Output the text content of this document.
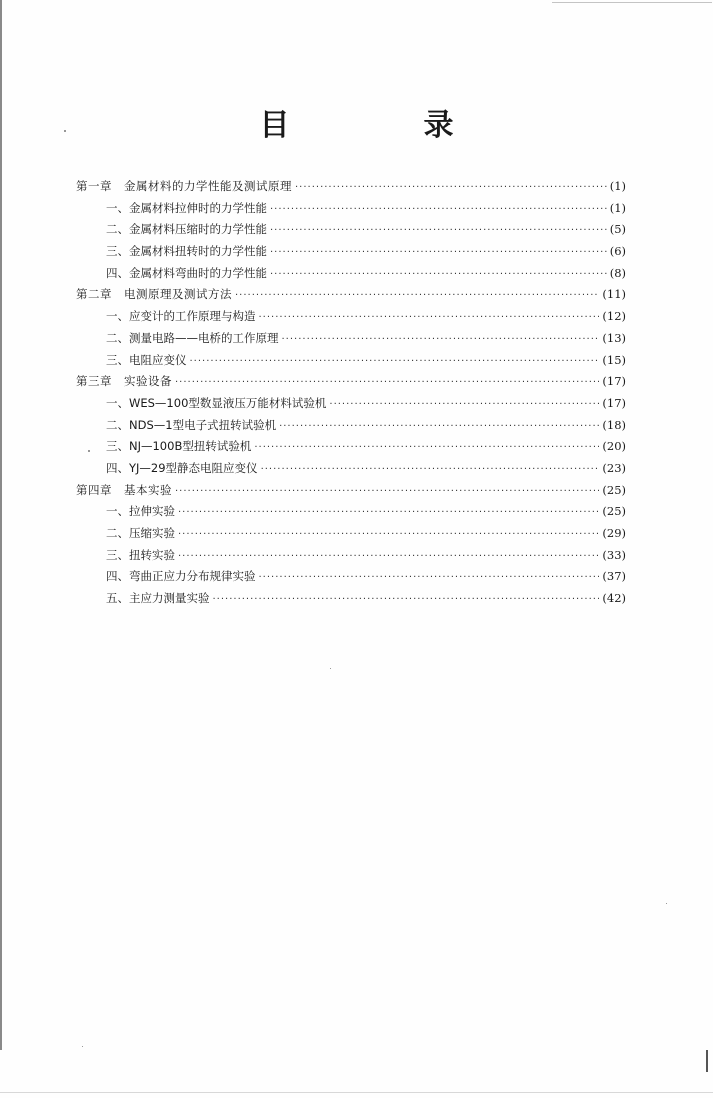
目　录
第一章　金属材料的力学性能及测试原理 ·····	(1)
一、金属材料拉伸时的力学性能 ·····	(1)
二、金属材料压缩时的力学性能 ·····	(5)
三、金属材料扭转时的力学性能 ·····	(6)
四、金属材料弯曲时的力学性能 ·····	(8)
第二章　电测原理及测试方法 ·····	(11)
一、应变计的工作原理与构造 ·····	(12)
二、测量电路——电桥的工作原理 ·····	(13)
三、电阻应变仪 ·····	(15)
第三章　实验设备 ·····	(17)
一、WES—100型数显液压万能材料试验机 ·····	(17)
二、NDS—1型电子式扭转试验机 ·····	(18)
三、NJ—100B型扭转试验机 ·····	(20)
四、YJ—29型静态电阻应变仪 ·····	(23)
第四章　基本实验 ·····	(25)
一、拉伸实验 ·····	(25)
二、压缩实验 ·····	(29)
三、扭转实验 ·····	(33)
四、弯曲正应力分布规律实验 ·····	(37)
五、主应力测量实验 ·····	(42)
